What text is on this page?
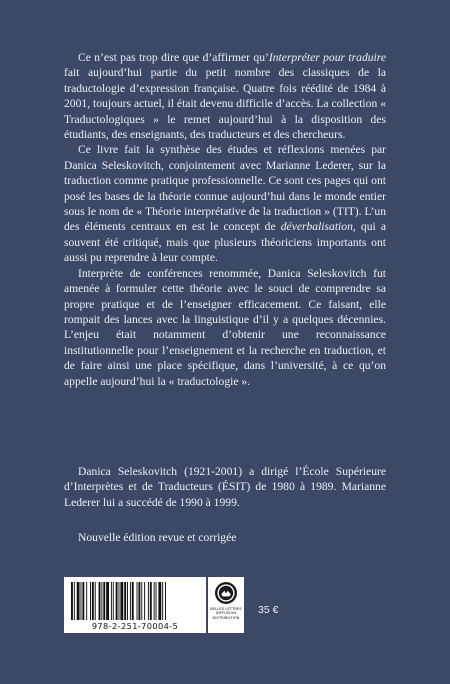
Ce n’est pas trop dire que d’affirmer qu’Interpréter pour traduire fait aujourd’hui partie du petit nombre des classiques de la traductologie d’expression française. Quatre fois réédité de 1984 à 2001, toujours actuel, il était devenu difficile d’accès. La collection « Traductologiques » le remet aujourd’hui à la disposition des étudiants, des enseignants, des traducteurs et des chercheurs.

Ce livre fait la synthèse des études et réflexions menées par Danica Seleskovitch, conjointement avec Marianne Lederer, sur la traduction comme pratique professionnelle. Ce sont ces pages qui ont posé les bases de la théorie connue aujourd’hui dans le monde entier sous le nom de « Théorie interprétative de la traduction » (TIT). L’un des éléments centraux en est le concept de déverbalisation, qui a souvent été critiqué, mais que plusieurs théoriciens importants ont aussi pu reprendre à leur compte.

Interprète de conférences renommée, Danica Seleskovitch fut amenée à formuler cette théorie avec le souci de comprendre sa propre pratique et de l’enseigner efficacement. Ce faisant, elle rompait des lances avec la linguistique d’il y a quelques décennies. L’enjeu était notamment d’obtenir une reconnaissance institutionnelle pour l’enseignement et la recherche en traduction, et de faire ainsi une place spécifique, dans l’université, à ce qu’on appelle aujourd’hui la « traductologie ».

Danica Seleskovitch (1921-2001) a dirigé l’École Supérieure d’Interprètes et de Traducteurs (ÉSIT) de 1980 à 1989. Marianne Lederer lui a succédé de 1990 à 1999.

Nouvelle édition revue et corrigée
978-2-251-70004-5
BELLES LETTRES
DIFFUSION
DISTRIBUTION
35 €
